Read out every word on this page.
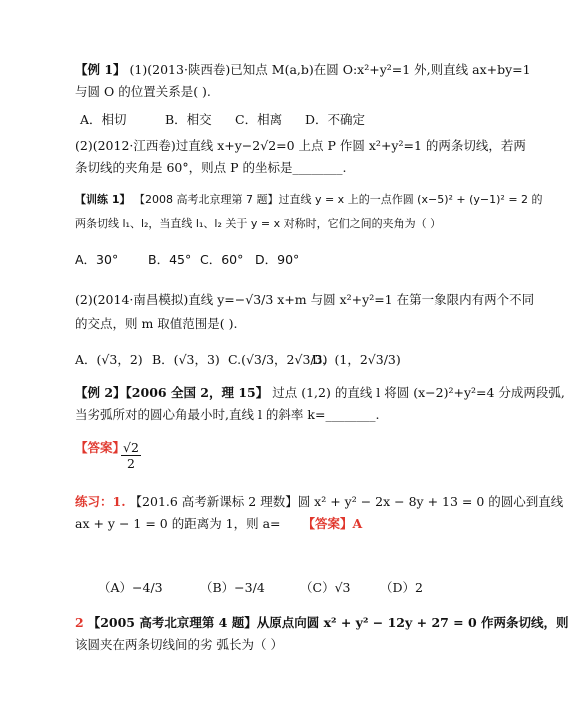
【例 1】 (1)(2013·陕西卷)已知点 M(a,b)在圆 O:x²+y²=1 外,则直线 ax+by=1
与圆 O 的位置关系是( ).
A．相切	B．相交 C．相离 D．不确定
(2)(2012·江西卷)过直线 x+y−2√2=0 上点 P 作圆 x²+y²=1 的两条切线，若两
条切线的夹角是 60°，则点 P 的坐标是________.
【训练 1】 【2008 高考北京理第 7 题】过直线 y = x 上的一点作圆 (x−5)² + (y−1)² = 2 的
两条切线 l₁、l₂，当直线 l₁、l₂ 关于 y = x 对称时，它们之间的夹角为（ ）
A．30° B．45° C．60° D．90°
(2)(2014·南昌模拟)直线 y=−√3/3 x+m 与圆 x²+y²=1 在第一象限内有两个不同
的交点，则 m 取值范围是( ).
A．(√3，2) B．(√3，3) C.(√3/3，2√3/3)
D．(1，2√3/3)
【例 2】【2006 全国 2，理 15】 过点 (1,2) 的直线 l 将圆 (x−2)²+y²=4 分成两段弧,
当劣弧所对的圆心角最小时,直线 l 的斜率 k=________.
【答案】
$\frac{√2}{2}$
练习：1. 【201.6 高考新课标 2 理数】圆 x² + y² − 2x − 8y + 13 = 0 的圆心到直线
ax + y − 1 = 0 的距离为 1，则 a= 【答案】A
（A）−4/3	（B）−3/4	（C）√3 （D）2
2 【2005 高考北京理第 4 题】从原点向圆 x² + y² − 12y + 27 = 0 作两条切线，则
该圆夹在两条切线间的劣 弧长为（ ）
